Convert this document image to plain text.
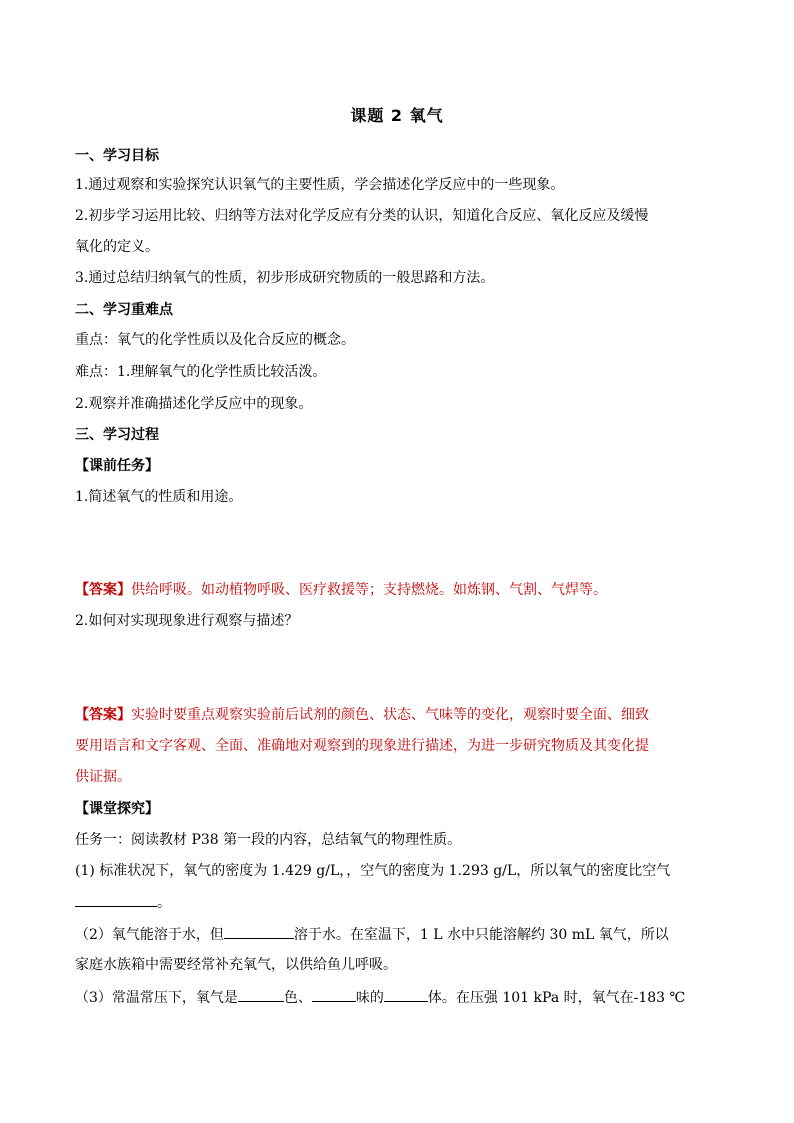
课题 2 氧气
一、学习目标
1.通过观察和实验探究认识氧气的主要性质，学会描述化学反应中的一些现象。
2.初步学习运用比较、归纳等方法对化学反应有分类的认识，知道化合反应、氧化反应及缓慢
氧化的定义。
3.通过总结归纳氧气的性质，初步形成研究物质的一般思路和方法。
二、学习重难点
重点：氧气的化学性质以及化合反应的概念。
难点：1.理解氧气的化学性质比较活泼。
2.观察并准确描述化学反应中的现象。
三、学习过程
【课前任务】
1.简述氧气的性质和用途。
【答案】供给呼吸。如动植物呼吸、医疗救援等；支持燃烧。如炼钢、气割、气焊等。
2.如何对实现现象进行观察与描述？
【答案】实验时要重点观察实验前后试剂的颜色、状态、气味等的变化，观察时要全面、细致
要用语言和文字客观、全面、准确地对观察到的现象进行描述，为进一步研究物质及其变化提
供证据。
【课堂探究】
任务一：阅读教材 P38 第一段的内容，总结氧气的物理性质。
(1) 标准状况下，氧气的密度为 1.429 g/L，，空气的密度为 1.293 g/L，所以氧气的密度比空气
。
（2）氧气能溶于水，但	溶于水。在室温下，1 L 水中只能溶解约 30 mL 氧气，所以
家庭水族箱中需要经常补充氧气，以供给鱼儿呼吸。
（3）常温常压下，氧气是	色、	味的	体。在压强 101 kPa 时，氧气在-183 ℃
